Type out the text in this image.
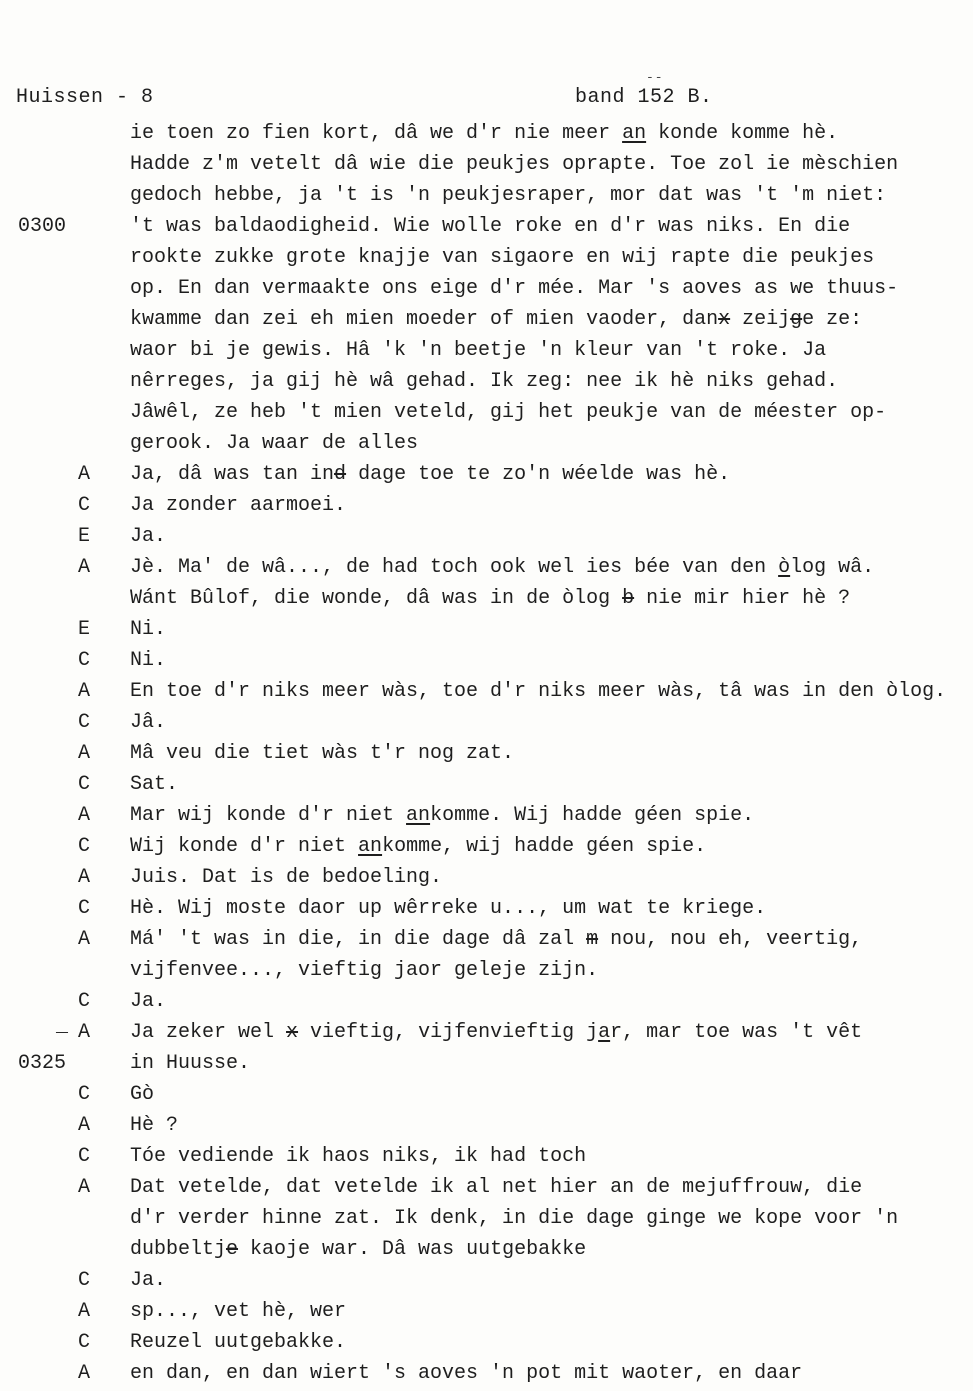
Huissen - 8
--
band 152 B.
ie toen zo fien kort, dâ we d'r nie meer an konde komme hè.
Hadde z'm vetelt dâ wie die peukjes oprapte. Toe zol ie mèschien
gedoch hebbe, ja 't is 'n peukjesraper, mor dat was 't 'm niet:
0300	't was baldaodigheid. Wie wolle roke en d'r was niks. En die
rookte zukke grote knajje van sigaore en wij rapte die peukjes
op. En dan vermaakte ons eige d'r mée. Mar 's aoves as we thuus-
kwamme dan zei eh mien moeder of mien vaoder, danx zeijge ze:
waor bi je gewis. Hâ 'k 'n beetje 'n kleur van 't roke. Ja
nêrreges, ja gij hè wâ gehad. Ik zeg: nee ik hè niks gehad.
Jâwêl, ze heb 't mien veteld, gij het peukje van de méester op-
gerook. Ja waar de alles
A Ja, dâ was tan ind dage toe te zo'n wéelde was hè.
C Ja zonder aarmoei.
E Ja.
A Jè. Ma' de wâ..., de had toch ook wel ies bée van den òlog wâ.
Wánt Bûlof, die wonde, dâ was in de òlog b nie mir hier hè ?
E Ni.
C Ni.
A En toe d'r niks meer wàs, toe d'r niks meer wàs, tâ was in den òlog.
C Jâ.
A Mâ veu die tiet wàs t'r nog zat.
C Sat.
A Mar wij konde d'r niet ankomme. Wij hadde géen spie.
C Wij konde d'r niet ankomme, wij hadde géen spie.
A Juis. Dat is de bedoeling.
C Hè. Wij moste daor up wêrreke u..., um wat te kriege.
A Má' 't was in die, in die dage dâ zal m nou, nou eh, veertig,
vijfenvee..., vieftig jaor geleje zijn.
C Ja.
_ A Ja zeker wel x vieftig, vijfenvieftig jar, mar toe was 't vêt
0325	in Huusse.
C Gò
A Hè ?
C Tóe vediende ik haos niks, ik had toch
A Dat vetelde, dat vetelde ik al net hier an de mejuffrouw, die
d'r verder hinne zat. Ik denk, in die dage ginge we kope voor 'n
dubbeltje kaoje war. Dâ was uutgebakke
C Ja.
A sp..., vet hè, wer
C Reuzel uutgebakke.
A en dan, en dan wiert 's aoves 'n pot mit waoter, en daar
